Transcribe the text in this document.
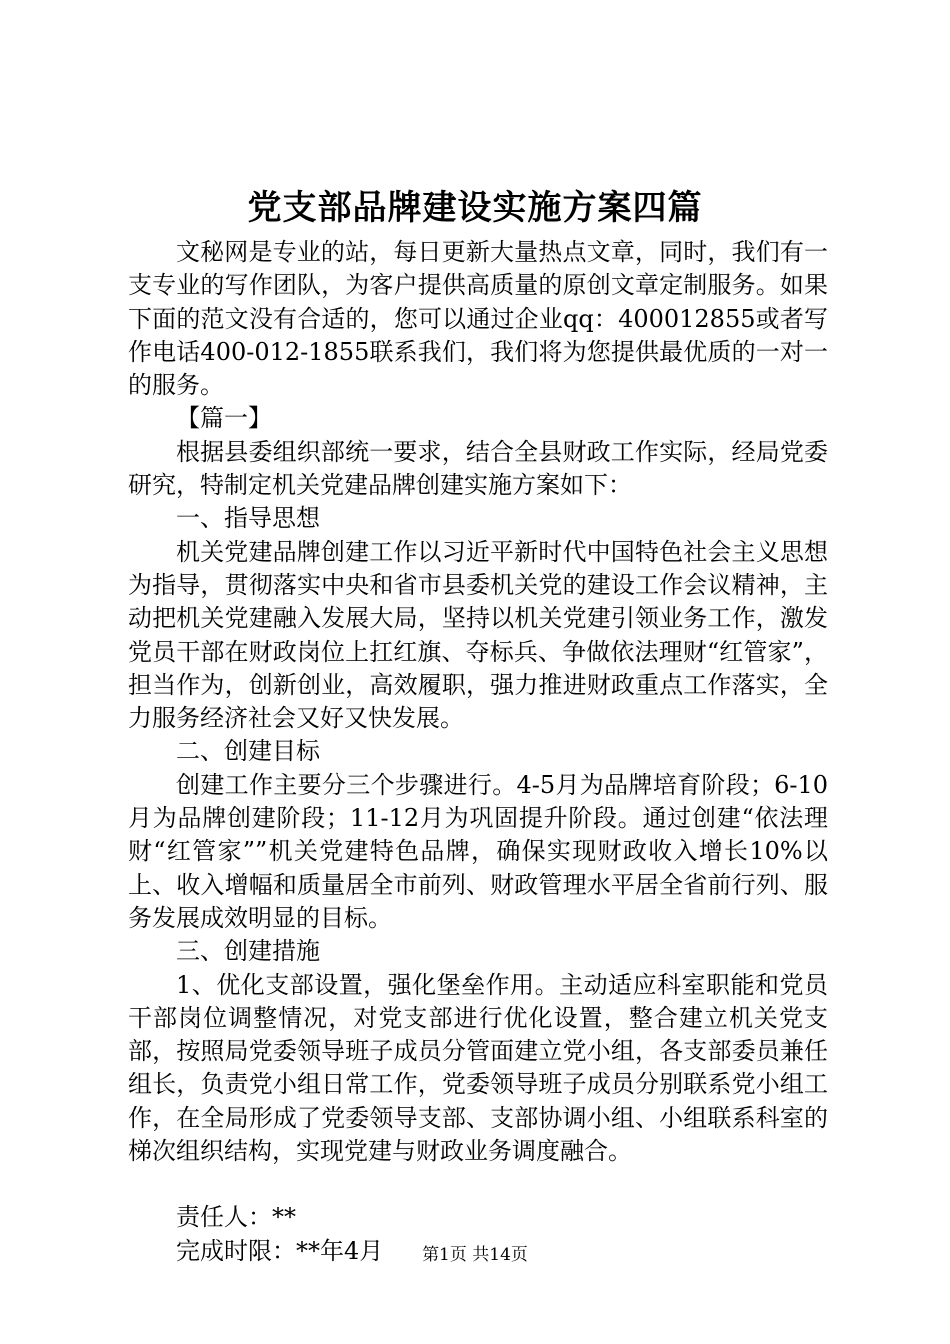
党支部品牌建设实施方案四篇

文秘网是专业的站，每日更新大量热点文章，同时，我们有一支专业的写作团队，为客户提供高质量的原创文章定制服务。如果下面的范文没有合适的，您可以通过企业qq：400012855或者写作电话400-012-1855联系我们，我们将为您提供最优质的一对一的服务。

【篇一】

根据县委组织部统一要求，结合全县财政工作实际，经局党委研究，特制定机关党建品牌创建实施方案如下：

一、指导思想

机关党建品牌创建工作以习近平新时代中国特色社会主义思想为指导，贯彻落实中央和省市县委机关党的建设工作会议精神，主动把机关党建融入发展大局，坚持以机关党建引领业务工作，激发党员干部在财政岗位上扛红旗、夺标兵、争做依法理财“红管家”，担当作为，创新创业，高效履职，强力推进财政重点工作落实，全力服务经济社会又好又快发展。

二、创建目标

创建工作主要分三个步骤进行。4-5月为品牌培育阶段；6-10月为品牌创建阶段；11-12月为巩固提升阶段。通过创建“依法理财“红管家””机关党建特色品牌，确保实现财政收入增长10%以上、收入增幅和质量居全市前列、财政管理水平居全省前行列、服务发展成效明显的目标。

三、创建措施

1、优化支部设置，强化堡垒作用。主动适应科室职能和党员干部岗位调整情况，对党支部进行优化设置，整合建立机关党支部，按照局党委领导班子成员分管面建立党小组，各支部委员兼任组长，负责党小组日常工作，党委领导班子成员分别联系党小组工作，在全局形成了党委领导支部、支部协调小组、小组联系科室的梯次组织结构，实现党建与财政业务调度融合。

责任人：**

完成时限：**年4月	第1页 共14页
